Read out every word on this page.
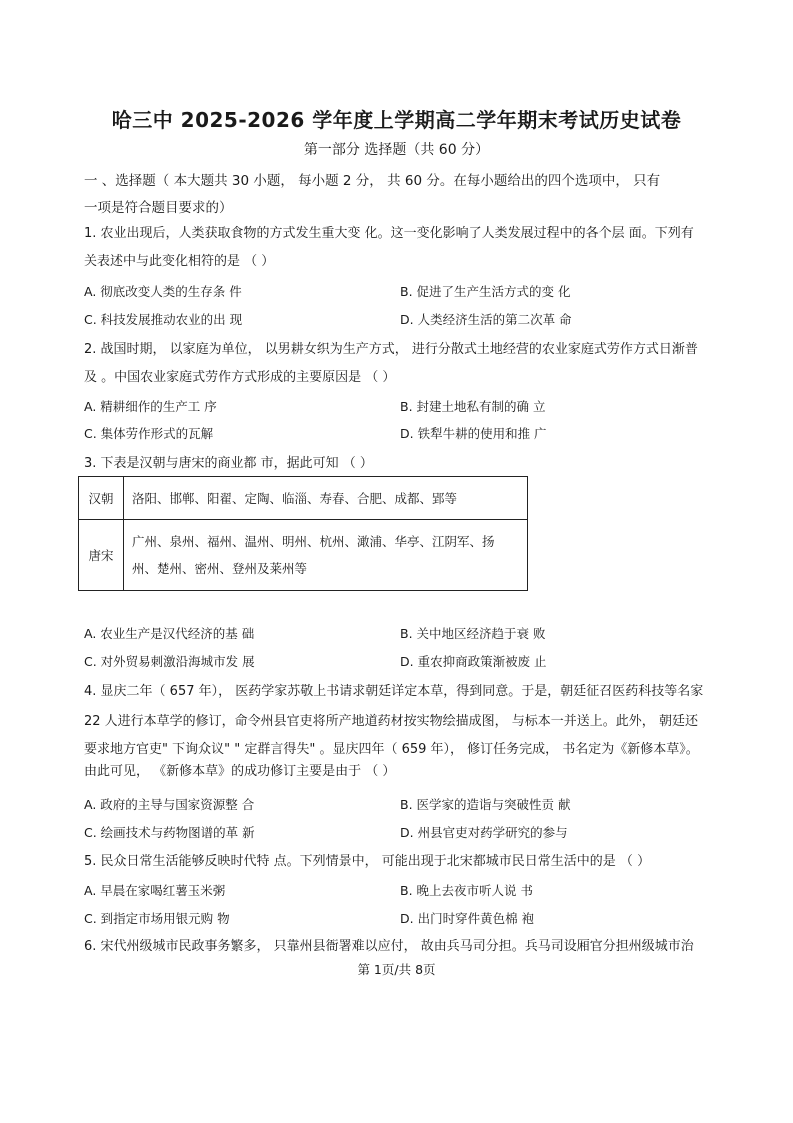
哈三中 2025-2026 学年度上学期高二学年期末考试历史试卷
第一部分 选择题（共 60 分）
一 、选择题（ 本大题共 30 小题， 每小题 2 分， 共 60 分。在每小题给出的四个选项中， 只有
一项是符合题目要求的）
1. 农业出现后，人类获取食物的方式发生重大变 化。这一变化影响了人类发展过程中的各个层 面。下列有
关表述中与此变化相符的是 （ ）
A. 彻底改变人类的生存条 件	B. 促进了生产生活方式的变 化
C. 科技发展推动农业的出 现	D. 人类经济生活的第二次革 命
2. 战国时期， 以家庭为单位， 以男耕女织为生产方式， 进行分散式土地经营的农业家庭式劳作方式日渐普
及 。中国农业家庭式劳作方式形成的主要原因是 （ ）
A. 精耕细作的生产工 序	B. 封建土地私有制的确 立
C. 集体劳作形式的瓦解	D. 铁犁牛耕的使用和推 广
3. 下表是汉朝与唐宋的商业都 市，据此可知 （ ）
汉朝	洛阳、邯郸、阳翟、定陶、临淄、寿春、合肥、成都、郢等
唐宋	广州、泉州、福州、温州、明州、杭州、澉浦、华亭、江阴军、扬
州、楚州、密州、登州及莱州等
A. 农业生产是汉代经济的基 础	B. 关中地区经济趋于衰 败
C. 对外贸易刺激沿海城市发 展	D. 重农抑商政策渐被废 止
4. 显庆二年（ 657 年）， 医药学家苏敬上书请求朝廷详定本草，得到同意。于是，朝廷征召医药科技等名家
22 人进行本草学的修订，命令州县官吏将所产地道药材按实物绘描成图， 与标本一并送上。此外， 朝廷还
要求地方官吏" 下询众议" " 定群言得失" 。显庆四年（ 659 年）， 修订任务完成， 书名定为《新修本草》。
由此可见， 《新修本草》的成功修订主要是由于 （ ）
A. 政府的主导与国家资源整 合	B. 医学家的造诣与突破性贡 献
C. 绘画技术与药物图谱的革 新	D. 州县官吏对药学研究的参与
5. 民众日常生活能够反映时代特 点。下列情景中， 可能出现于北宋都城市民日常生活中的是 （ ）
A. 早晨在家喝红薯玉米粥	B. 晚上去夜市听人说 书
C. 到指定市场用银元购 物	D. 出门时穿件黄色棉 袍
6. 宋代州级城市民政事务繁多， 只靠州县衙署难以应付， 故由兵马司分担。兵马司设厢官分担州级城市治
第 1页/共 8页
